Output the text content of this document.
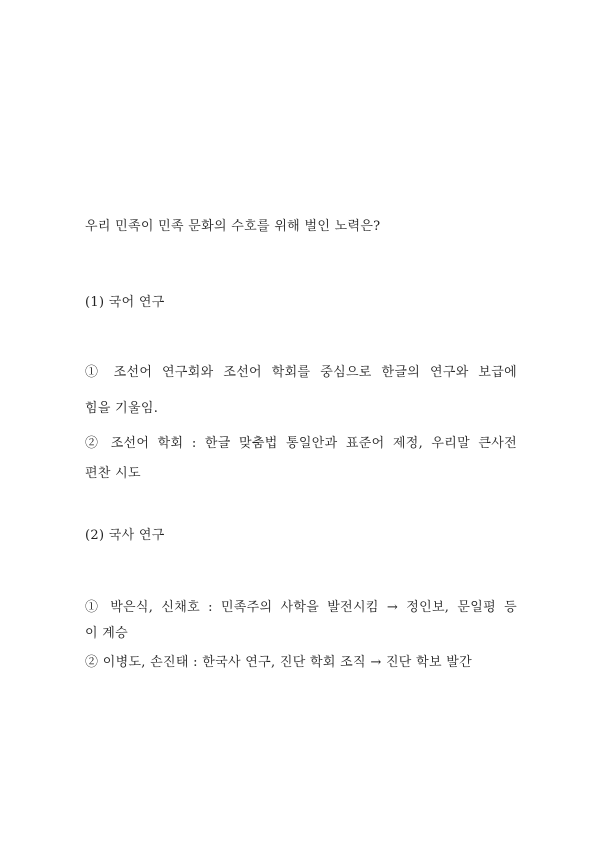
우리 민족이 민족 문화의 수호를 위해 벌인 노력은?
(1) 국어 연구
① 조선어 연구회와 조선어 학회를 중심으로 한글의 연구와 보급에
힘을 기울임.
② 조선어 학회 : 한글 맞춤법 통일안과 표준어 제정, 우리말 큰사전
편찬 시도
(2) 국사 연구
① 박은식, 신채호 : 민족주의 사학을 발전시킴 → 정인보, 문일평 등
이 계승
② 이병도, 손진태 : 한국사 연구, 진단 학회 조직 → 진단 학보 발간
